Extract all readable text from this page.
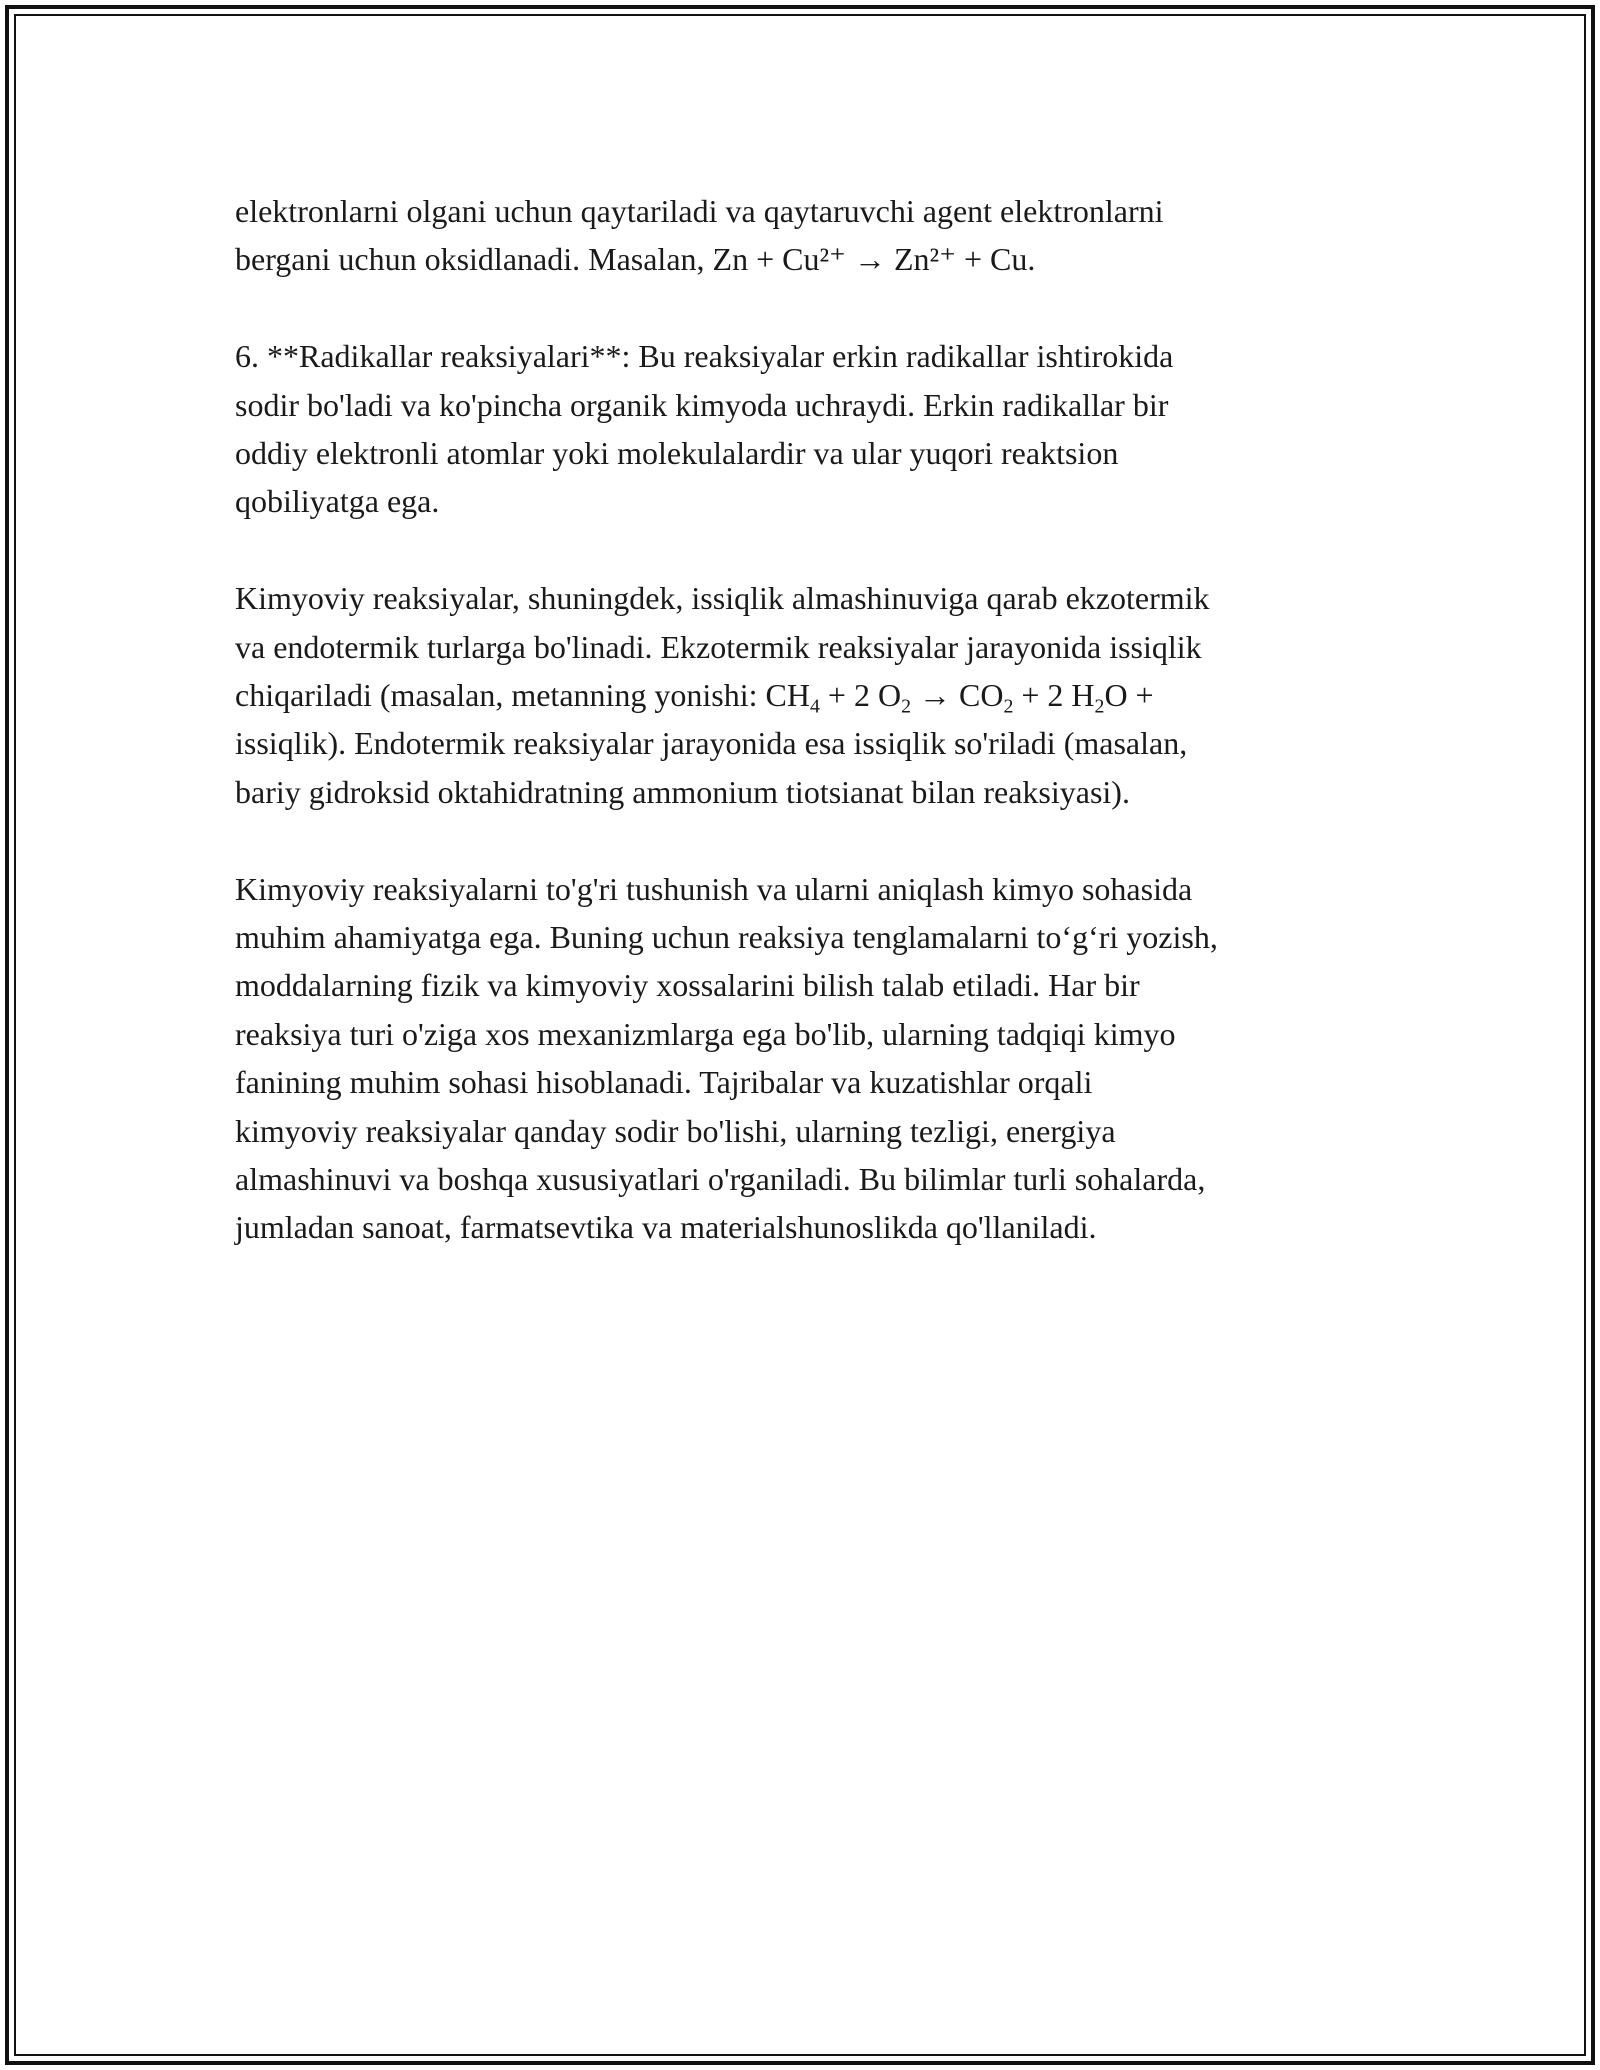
elektronlarni olgani uchun qaytariladi va qaytaruvchi agent elektronlarni
bergani uchun oksidlanadi. Masalan, Zn + Cu²⁺ → Zn²⁺ + Cu.

6. **Radikallar reaksiyalari**: Bu reaksiyalar erkin radikallar ishtirokida
sodir bo'ladi va ko'pincha organik kimyoda uchraydi. Erkin radikallar bir
oddiy elektronli atomlar yoki molekulalardir va ular yuqori reaktsion
qobiliyatga ega.

Kimyoviy reaksiyalar, shuningdek, issiqlik almashinuviga qarab ekzotermik
va endotermik turlarga bo'linadi. Ekzotermik reaksiyalar jarayonida issiqlik
chiqariladi (masalan, metanning yonishi: $CH_4 + 2$ $O_2 \to CO_2 + 2$ $H_2O$ +
issiqlik). Endotermik reaksiyalar jarayonida esa issiqlik so'riladi (masalan,
bariy gidroksid oktahidratning ammonium tiotsianat bilan reaksiyasi).

Kimyoviy reaksiyalarni to'g'ri tushunish va ularni aniqlash kimyo sohasida
muhim ahamiyatga ega. Buning uchun reaksiya tenglamalarni to‘g‘ri yozish,
moddalarning fizik va kimyoviy xossalarini bilish talab etiladi. Har bir
reaksiya turi o'ziga xos mexanizmlarga ega bo'lib, ularning tadqiqi kimyo
fanining muhim sohasi hisoblanadi. Tajribalar va kuzatishlar orqali
kimyoviy reaksiyalar qanday sodir bo'lishi, ularning tezligi, energiya
almashinuvi va boshqa xususiyatlari o'rganiladi. Bu bilimlar turli sohalarda,
jumladan sanoat, farmatsevtika va materialshunoslikda qo'llaniladi.
